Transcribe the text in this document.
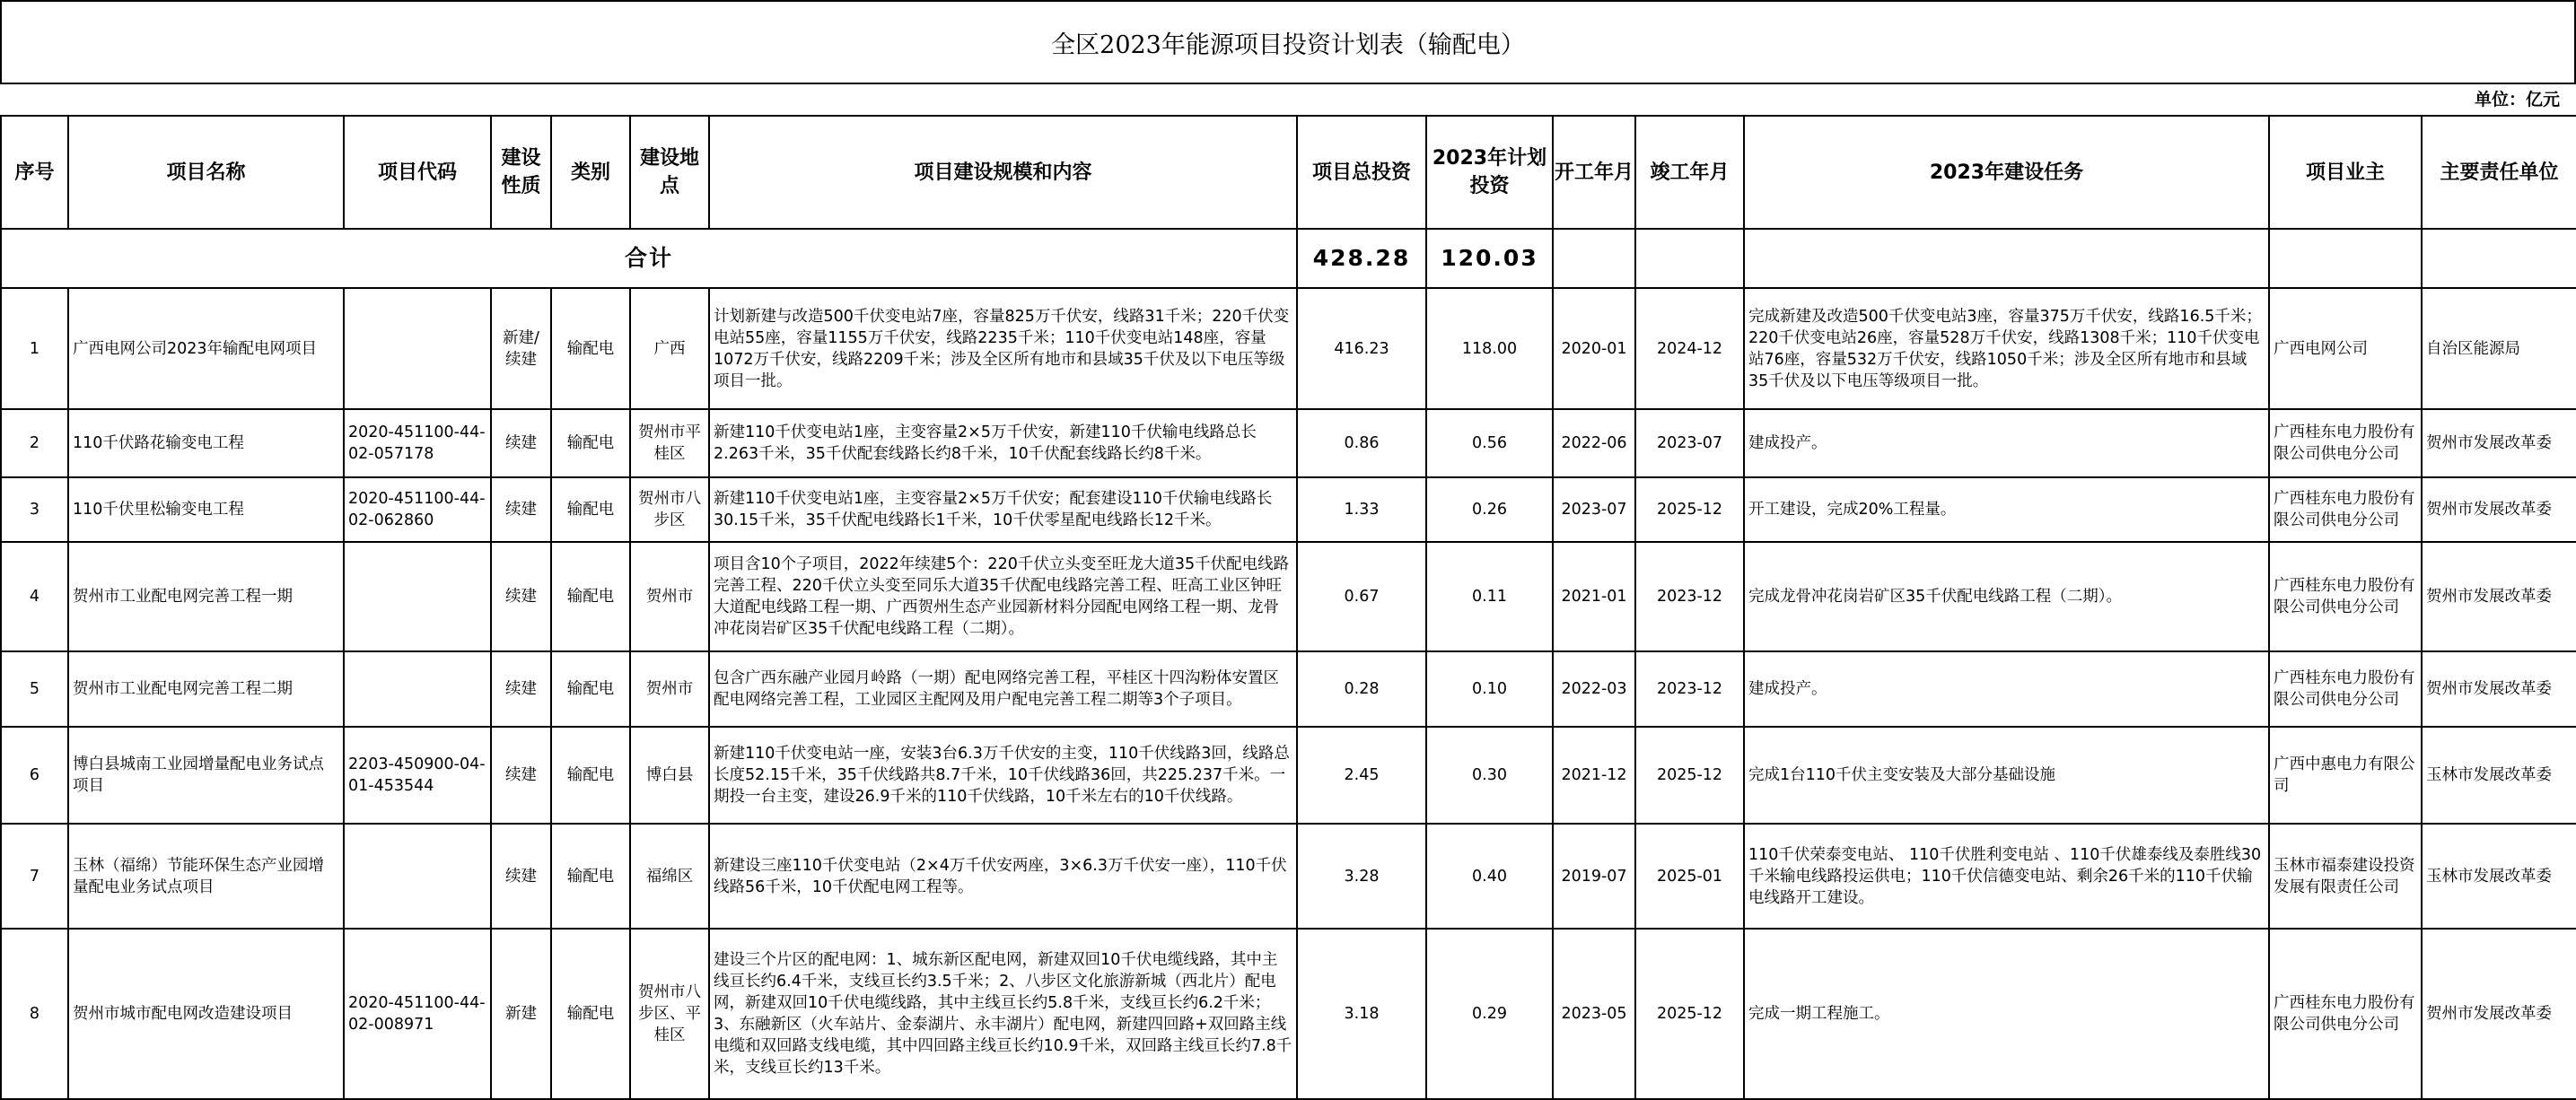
全区2023年能源项目投资计划表（输配电）
单位：亿元
序号	项目名称	项目代码	建设性质	类别	建设地点	项目建设规模和内容	项目总投资	2023年计划投资	开工年月	竣工年月	2023年建设任务	项目业主	主要责任单位
合计							428.28	120.03					
1	广西电网公司2023年输配电网项目		新建/续建	输配电	广西	计划新建与改造500千伏变电站7座，容量825万千伏安，线路31千米；220千伏变电站55座，容量1155万千伏安，线路2235千米；110千伏变电站148座，容量1072万千伏安，线路2209千米；涉及全区所有地市和县域35千伏及以下电压等级项目一批。	416.23	118.00	2020-01	2024-12	完成新建及改造500千伏变电站3座，容量375万千伏安，线路16.5千米；220千伏变电站26座，容量528万千伏安，线路1308千米；110千伏变电站76座，容量532万千伏安，线路1050千米；涉及全区所有地市和县域35千伏及以下电压等级项目一批。	广西电网公司	自治区能源局
2	110千伏路花输变电工程	2020-451100-44-02-057178	续建	输配电	贺州市平桂区	新建110千伏变电站1座，主变容量2×5万千伏安，新建110千伏输电线路总长2.263千米，35千伏配套线路长约8千米，10千伏配套线路长约8千米。	0.86	0.56	2022-06	2023-07	建成投产。	广西桂东电力股份有限公司供电分公司	贺州市发展改革委
3	110千伏里松输变电工程	2020-451100-44-02-062860	续建	输配电	贺州市八步区	新建110千伏变电站1座，主变容量2×5万千伏安；配套建设110千伏输电线路长30.15千米，35千伏配电线路长1千米，10千伏零星配电线路长12千米。	1.33	0.26	2023-07	2025-12	开工建设，完成20%工程量。	广西桂东电力股份有限公司供电分公司	贺州市发展改革委
4	贺州市工业配电网完善工程一期		续建	输配电	贺州市	项目含10个子项目，2022年续建5个：220千伏立头变至旺龙大道35千伏配电线路完善工程、220千伏立头变至同乐大道35千伏配电线路完善工程、旺高工业区钟旺大道配电线路工程一期、广西贺州生态产业园新材料分园配电网络工程一期、龙骨冲花岗岩矿区35千伏配电线路工程（二期）。	0.67	0.11	2021-01	2023-12	完成龙骨冲花岗岩矿区35千伏配电线路工程（二期）。	广西桂东电力股份有限公司供电分公司	贺州市发展改革委
5	贺州市工业配电网完善工程二期		续建	输配电	贺州市	包含广西东融产业园月岭路（一期）配电网络完善工程，平桂区十四沟粉体安置区配电网络完善工程，工业园区主配网及用户配电完善工程二期等3个子项目。	0.28	0.10	2022-03	2023-12	建成投产。	广西桂东电力股份有限公司供电分公司	贺州市发展改革委
6	博白县城南工业园增量配电业务试点项目	2203-450900-04-01-453544	续建	输配电	博白县	新建110千伏变电站一座，安装3台6.3万千伏安的主变，110千伏线路3回，线路总长度52.15千米，35千伏线路共8.7千米，10千伏线路36回，共225.237千米。一期投一台主变，建设26.9千米的110千伏线路，10千米左右的10千伏线路。	2.45	0.30	2021-12	2025-12	完成1台110千伏主变安装及大部分基础设施	广西中惠电力有限公司	玉林市发展改革委
7	玉林（福绵）节能环保生态产业园增量配电业务试点项目		续建	输配电	福绵区	新建设三座110千伏变电站（2×4万千伏安两座，3×6.3万千伏安一座），110千伏线路56千米，10千伏配电网工程等。	3.28	0.40	2019-07	2025-01	110千伏荣泰变电站、 110千伏胜利变电站 、110千伏雄泰线及泰胜线30千米输电线路投运供电；110千伏信德变电站、剩余26千米的110千伏输电线路开工建设。	玉林市福泰建设投资发展有限责任公司	玉林市发展改革委
8	贺州市城市配电网改造建设项目	2020-451100-44-02-008971	新建	输配电	贺州市八步区、平桂区	建设三个片区的配电网：1、城东新区配电网，新建双回10千伏电缆线路，其中主线亘长约6.4千米，支线亘长约3.5千米；2、八步区文化旅游新城（西北片）配电网，新建双回10千伏电缆线路，其中主线亘长约5.8千米，支线亘长约6.2千米；3、东融新区（火车站片、金泰湖片、永丰湖片）配电网，新建四回路+双回路主线电缆和双回路支线电缆，其中四回路主线亘长约10.9千米，双回路主线亘长约7.8千米，支线亘长约13千米。	3.18	0.29	2023-05	2025-12	完成一期工程施工。	广西桂东电力股份有限公司供电分公司	贺州市发展改革委
